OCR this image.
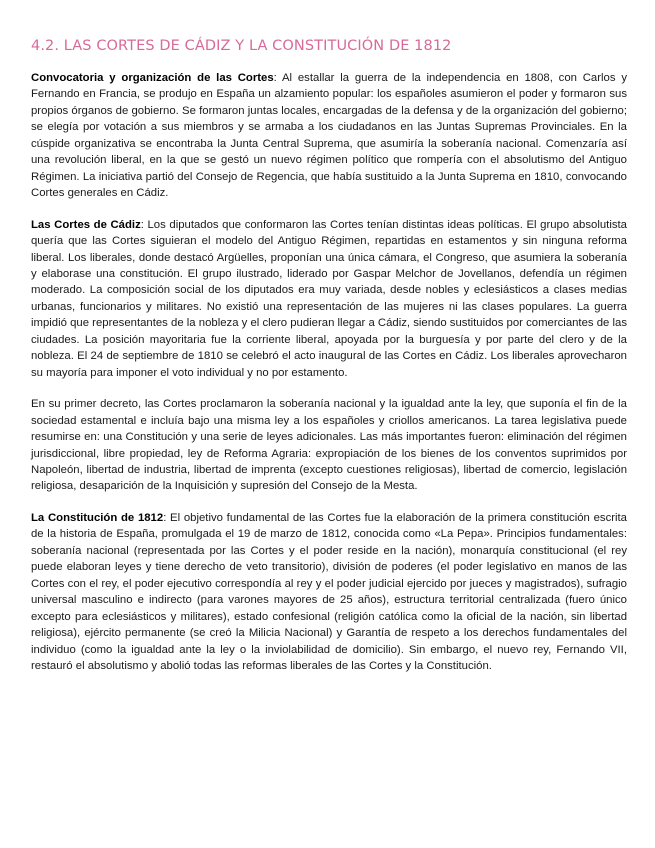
4.2. LAS CORTES DE CÁDIZ Y LA CONSTITUCIÓN DE 1812

Convocatoria y organización de las Cortes: Al estallar la guerra de la independencia en 1808, con Carlos y Fernando en Francia, se produjo en España un alzamiento popular: los españoles asumieron el poder y formaron sus propios órganos de gobierno. Se formaron juntas locales, encargadas de la defensa y de la organización del gobierno; se elegía por votación a sus miembros y se armaba a los ciudadanos en las Juntas Supremas Provinciales. En la cúspide organizativa se encontraba la Junta Central Suprema, que asumiría la soberanía nacional. Comenzaría así una revolución liberal, en la que se gestó un nuevo régimen político que rompería con el absolutismo del Antiguo Régimen. La iniciativa partió del Consejo de Regencia, que había sustituido a la Junta Suprema en 1810, convocando Cortes generales en Cádiz.

Las Cortes de Cádiz: Los diputados que conformaron las Cortes tenían distintas ideas políticas. El grupo absolutista quería que las Cortes siguieran el modelo del Antiguo Régimen, repartidas en estamentos y sin ninguna reforma liberal. Los liberales, donde destacó Argüelles, proponían una única cámara, el Congreso, que asumiera la soberanía y elaborase una constitución. El grupo ilustrado, liderado por Gaspar Melchor de Jovellanos, defendía un régimen moderado. La composición social de los diputados era muy variada, desde nobles y eclesiásticos a clases medias urbanas, funcionarios y militares. No existió una representación de las mujeres ni las clases populares. La guerra impidió que representantes de la nobleza y el clero pudieran llegar a Cádiz, siendo sustituidos por comerciantes de las ciudades. La posición mayoritaria fue la corriente liberal, apoyada por la burguesía y por parte del clero y de la nobleza. El 24 de septiembre de 1810 se celebró el acto inaugural de las Cortes en Cádiz. Los liberales aprovecharon su mayoría para imponer el voto individual y no por estamento.

En su primer decreto, las Cortes proclamaron la soberanía nacional y la igualdad ante la ley, que suponía el fin de la sociedad estamental e incluía bajo una misma ley a los españoles y criollos americanos. La tarea legislativa puede resumirse en: una Constitución y una serie de leyes adicionales. Las más importantes fueron: eliminación del régimen jurisdiccional, libre propiedad, ley de Reforma Agraria: expropiación de los bienes de los conventos suprimidos por Napoleón, libertad de industria, libertad de imprenta (excepto cuestiones religiosas), libertad de comercio, legislación religiosa, desaparición de la Inquisición y supresión del Consejo de la Mesta.

La Constitución de 1812: El objetivo fundamental de las Cortes fue la elaboración de la primera constitución escrita de la historia de España, promulgada el 19 de marzo de 1812, conocida como «La Pepa». Principios fundamentales: soberanía nacional (representada por las Cortes y el poder reside en la nación), monarquía constitucional (el rey puede elaboran leyes y tiene derecho de veto transitorio), división de poderes (el poder legislativo en manos de las Cortes con el rey, el poder ejecutivo correspondía al rey y el poder judicial ejercido por jueces y magistrados), sufragio universal masculino e indirecto (para varones mayores de 25 años), estructura territorial centralizada (fuero único excepto para eclesiásticos y militares), estado confesional (religión católica como la oficial de la nación, sin libertad religiosa), ejército permanente (se creó la Milicia Nacional) y Garantía de respeto a los derechos fundamentales del individuo (como la igualdad ante la ley o la inviolabilidad de domicilio). Sin embargo, el nuevo rey, Fernando VII, restauró el absolutismo y abolió todas las reformas liberales de las Cortes y la Constitución.
